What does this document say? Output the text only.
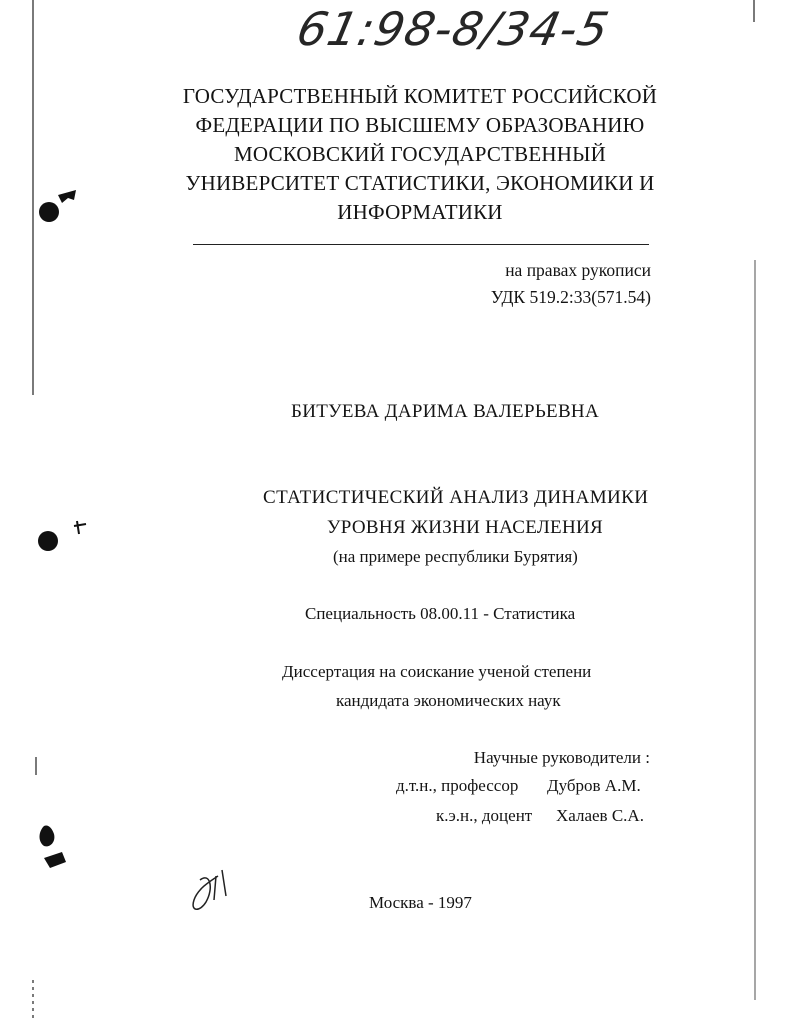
61:98-8/34-5
ГОСУДАРСТВЕННЫЙ КОМИТЕТ РОССИЙСКОЙ
ФЕДЕРАЦИИ ПО ВЫСШЕМУ ОБРАЗОВАНИЮ
МОСКОВСКИЙ ГОСУДАРСТВЕННЫЙ
УНИВЕРСИТЕТ СТАТИСТИКИ, ЭКОНОМИКИ И
ИНФОРМАТИКИ
на правах рукописи
УДК 519.2:33(571.54)
БИТУЕВА ДАРИМА ВАЛЕРЬЕВНА
СТАТИСТИЧЕСКИЙ АНАЛИЗ ДИНАМИКИ
УРОВНЯ ЖИЗНИ НАСЕЛЕНИЯ
(на примере республики Бурятия)
Специальность 08.00.11 - Статистика
Диссертация на соискание ученой степени
кандидата экономических наук
Научные руководители :
д.т.н., профессор Дубров А.М.
к.э.н., доцент Халаев С.А.
Москва - 1997
